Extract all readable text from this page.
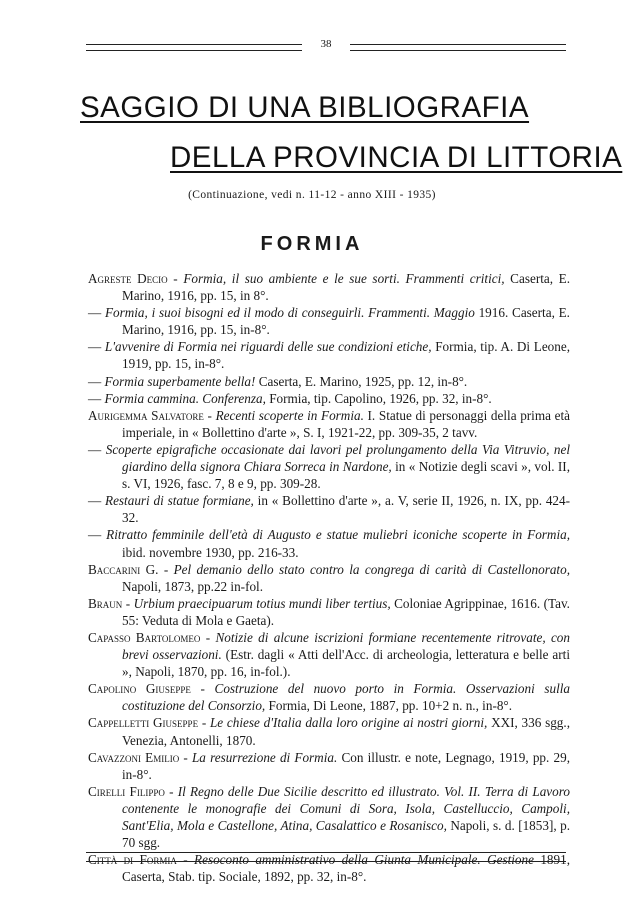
38
SAGGIO DI UNA BIBLIOGRAFIA
DELLA PROVINCIA DI LITTORIA
(Continuazione, vedi n. 11-12 - anno XIII - 1935)
FORMIA
Agreste Decio - Formia, il suo ambiente e le sue sorti. Frammenti critici, Caserta, E. Marino, 1916, pp. 15, in 8°.
— Formia, i suoi bisogni ed il modo di conseguirli. Frammenti. Maggio 1916. Caserta, E. Marino, 1916, pp. 15, in-8°.
— L'avvenire di Formia nei riguardi delle sue condizioni etiche, Formia, tip. A. Di Leone, 1919, pp. 15, in-8°.
— Formia superbamente bella! Caserta, E. Marino, 1925, pp. 12, in-8°.
— Formia cammina. Conferenza, Formia, tip. Capolino, 1926, pp. 32, in-8°.
Aurigemma Salvatore - Recenti scoperte in Formia. I. Statue di personaggi della prima età imperiale, in « Bollettino d'arte », S. I, 1921-22, pp. 309-35, 2 tavv.
— Scoperte epigrafiche occasionate dai lavori pel prolungamento della Via Vitruvio, nel giardino della signora Chiara Sorreca in Nardone, in « Notizie degli scavi », vol. II, s. VI, 1926, fasc. 7, 8 e 9, pp. 309-28.
— Restauri di statue formiane, in « Bollettino d'arte », a. V, serie II, 1926, n. IX, pp. 424-32.
— Ritratto femminile dell'età di Augusto e statue muliebri iconiche scoperte in Formia, ibid. novembre 1930, pp. 216-33.
Baccarini G. - Pel demanio dello stato contro la congrega di carità di Castellonorato, Napoli, 1873, pp.22 in-fol.
Braun - Urbium praecipuarum totius mundi liber tertius, Coloniae Agrippinae, 1616. (Tav. 55: Veduta di Mola e Gaeta).
Capasso Bartolomeo - Notizie di alcune iscrizioni formiane recentemente ritrovate, con brevi osservazioni. (Estr. dagli « Atti dell'Acc. di archeologia, letteratura e belle arti », Napoli, 1870, pp. 16, in-fol.).
Capolino Giuseppe - Costruzione del nuovo porto in Formia. Osservazioni sulla costituzione del Consorzio, Formia, Di Leone, 1887, pp. 10+2 n. n., in-8°.
Cappelletti Giuseppe - Le chiese d'Italia dalla loro origine ai nostri giorni, XXI, 336 sgg., Venezia, Antonelli, 1870.
Cavazzoni Emilio - La resurrezione di Formia. Con illustr. e note, Legnago, 1919, pp. 29, in-8°.
Cirelli Filippo - Il Regno delle Due Sicilie descritto ed illustrato. Vol. II. Terra di Lavoro contenente le monografie dei Comuni di Sora, Isola, Castelluccio, Campoli, Sant'Elia, Mola e Castellone, Atina, Casalattico e Rosanisco, Napoli, s. d. [1853], p. 70 sgg.
Città di Formia - Resoconto amministrativo della Giunta Municipale. Gestione 1891, Caserta, Stab. tip. Sociale, 1892, pp. 32, in-8°.
